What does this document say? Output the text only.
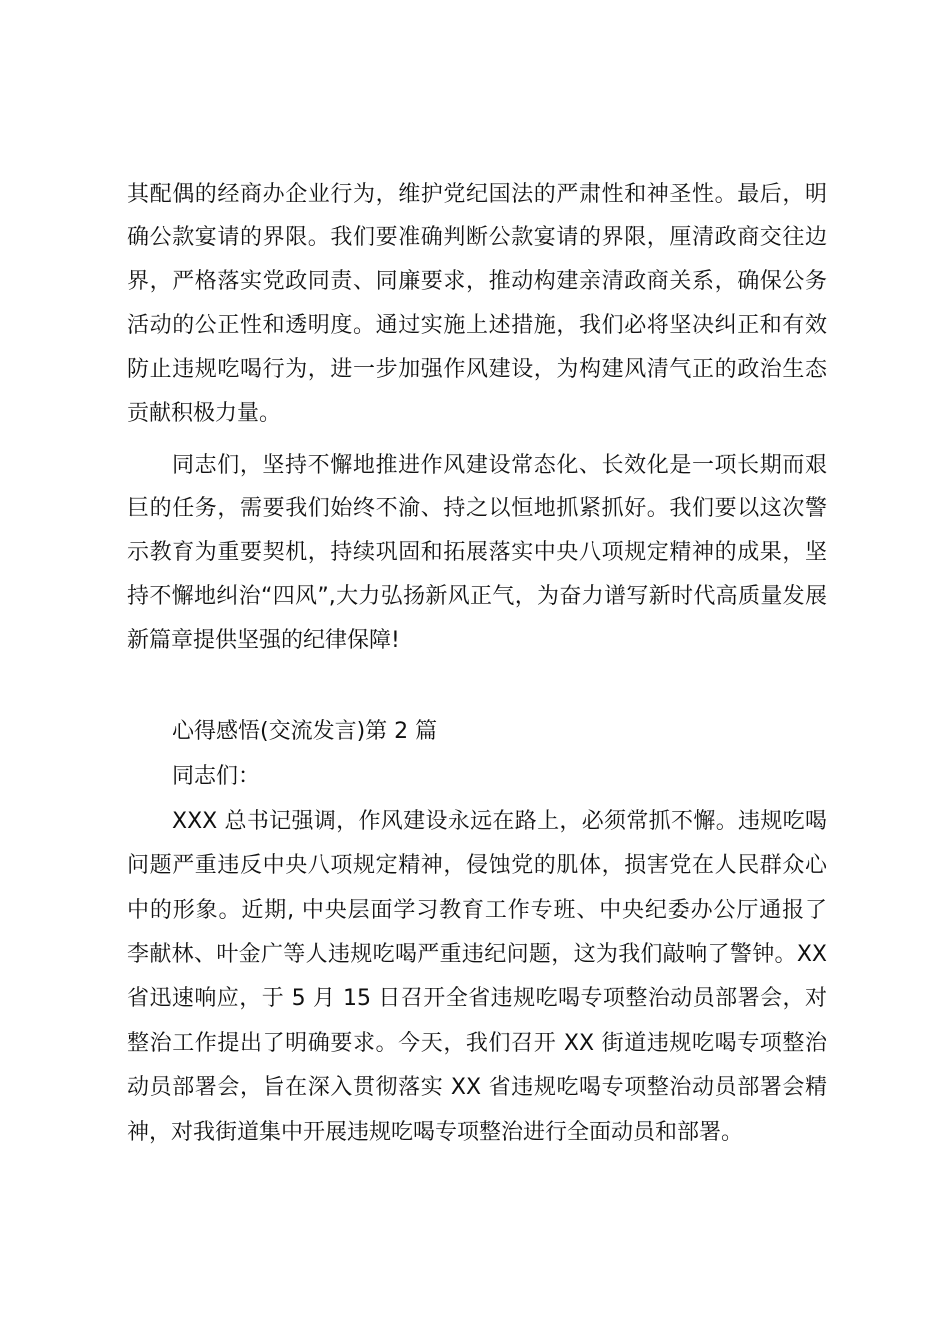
其配偶的经商办企业行为，维护党纪国法的严肃性和神圣性。最后，明
确公款宴请的界限。我们要准确判断公款宴请的界限，厘清政商交往边
界，严格落实党政同责、同廉要求，推动构建亲清政商关系，确保公务
活动的公正性和透明度。通过实施上述措施，我们必将坚决纠正和有效
防止违规吃喝行为，进一步加强作风建设，为构建风清气正的政治生态
贡献积极力量。
同志们，坚持不懈地推进作风建设常态化、长效化是一项长期而艰
巨的任务，需要我们始终不渝、持之以恒地抓紧抓好。我们要以这次警
示教育为重要契机，持续巩固和拓展落实中央八项规定精神的成果，坚
持不懈地纠治“四风”,大力弘扬新风正气，为奋力谱写新时代高质量发展
新篇章提供坚强的纪律保障!
心得感悟(交流发言)第 2 篇
同志们：
XXX 总书记强调，作风建设永远在路上，必须常抓不懈。违规吃喝
问题严重违反中央八项规定精神，侵蚀党的肌体，损害党在人民群众心
中的形象。近期, 中央层面学习教育工作专班、中央纪委办公厅通报了
李献林、叶金广等人违规吃喝严重违纪问题，这为我们敲响了警钟。XX
省迅速响应，于 5 月 15 日召开全省违规吃喝专项整治动员部署会，对
整治工作提出了明确要求。今天，我们召开 XX 街道违规吃喝专项整治
动员部署会，旨在深入贯彻落实 XX 省违规吃喝专项整治动员部署会精
神，对我街道集中开展违规吃喝专项整治进行全面动员和部署。
